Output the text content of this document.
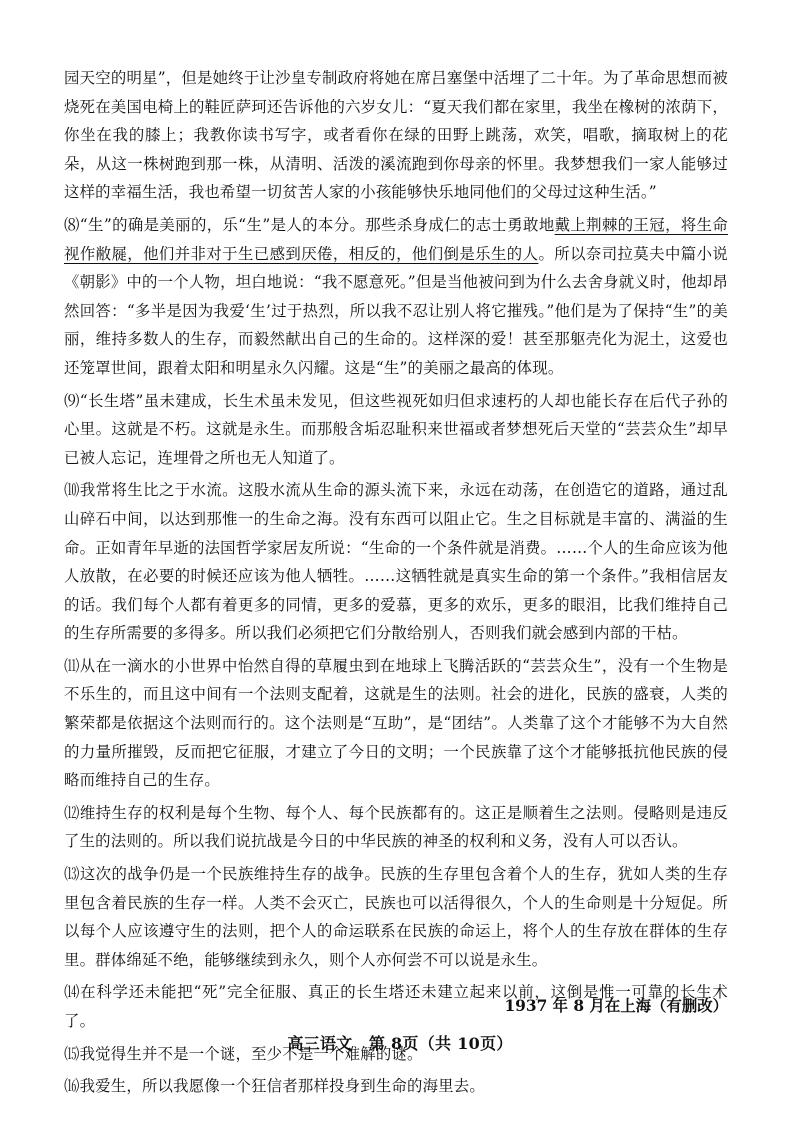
园天空的明星”，但是她终于让沙皇专制政府将她在席吕塞堡中活埋了二十年。为了革命思想而被烧死在美国电椅上的鞋匠萨珂还告诉他的六岁女儿：“夏天我们都在家里，我坐在橡树的浓荫下，你坐在我的膝上；我教你读书写字，或者看你在绿的田野上跳荡，欢笑，唱歌，摘取树上的花朵，从这一株树跑到那一株，从清明、活泼的溪流跑到你母亲的怀里。我梦想我们一家人能够过这样的幸福生活，我也希望一切贫苦人家的小孩能够快乐地同他们的父母过这种生活。”

⑻“生”的确是美丽的，乐“生”是人的本分。那些杀身成仁的志士勇敢地戴上荆棘的王冠，将生命视作敝屣，他们并非对于生已感到厌倦，相反的，他们倒是乐生的人。所以奈司拉莫夫中篇小说《朝影》中的一个人物，坦白地说：“我不愿意死。”但是当他被问到为什么去舍身就义时，他却昂然回答：“多半是因为我爱‘生’过于热烈，所以我不忍让别人将它摧残。”他们是为了保持“生”的美丽，维持多数人的生存，而毅然献出自己的生命的。这样深的爱！甚至那躯壳化为泥土，这爱也还笼罩世间，跟着太阳和明星永久闪耀。这是“生”的美丽之最高的体现。

⑼“长生塔”虽未建成，长生术虽未发见，但这些视死如归但求速朽的人却也能长存在后代子孙的心里。这就是不朽。这就是永生。而那般含垢忍耻积来世福或者梦想死后天堂的“芸芸众生”却早已被人忘记，连埋骨之所也无人知道了。

⑽我常将生比之于水流。这股水流从生命的源头流下来，永远在动荡，在创造它的道路，通过乱山碎石中间，以达到那惟一的生命之海。没有东西可以阻止它。生之目标就是丰富的、满溢的生命。正如青年早逝的法国哲学家居友所说：“生命的一个条件就是消费。……个人的生命应该为他人放散，在必要的时候还应该为他人牺牲。……这牺牲就是真实生命的第一个条件。”我相信居友的话。我们每个人都有着更多的同情，更多的爱慕，更多的欢乐，更多的眼泪，比我们维持自己的生存所需要的多得多。所以我们必须把它们分散给别人，否则我们就会感到内部的干枯。

⑾从在一滴水的小世界中怡然自得的草履虫到在地球上飞腾活跃的“芸芸众生”，没有一个生物是不乐生的，而且这中间有一个法则支配着，这就是生的法则。社会的进化，民族的盛衰，人类的繁荣都是依据这个法则而行的。这个法则是“互助”，是“团结”。人类靠了这个才能够不为大自然的力量所摧毁，反而把它征服，才建立了今日的文明；一个民族靠了这个才能够抵抗他民族的侵略而维持自己的生存。

⑿维持生存的权利是每个生物、每个人、每个民族都有的。这正是顺着生之法则。侵略则是违反了生的法则的。所以我们说抗战是今日的中华民族的神圣的权利和义务，没有人可以否认。

⒀这次的战争仍是一个民族维持生存的战争。民族的生存里包含着个人的生存，犹如人类的生存里包含着民族的生存一样。人类不会灭亡，民族也可以活得很久，个人的生命则是十分短促。所以每个人应该遵守生的法则，把个人的命运联系在民族的命运上，将个人的生存放在群体的生存里。群体绵延不绝，能够继续到永久，则个人亦何尝不可以说是永生。

⒁在科学还未能把“死”完全征服、真正的长生塔还未建立起来以前，这倒是惟一可靠的长生术了。

⒂我觉得生并不是一个谜，至少不是一个难解的谜。

⒃我爱生，所以我愿像一个狂信者那样投身到生命的海里去。

1937 年 8 月在上海（有删改）
高三语文　第 8页（共 10页）
